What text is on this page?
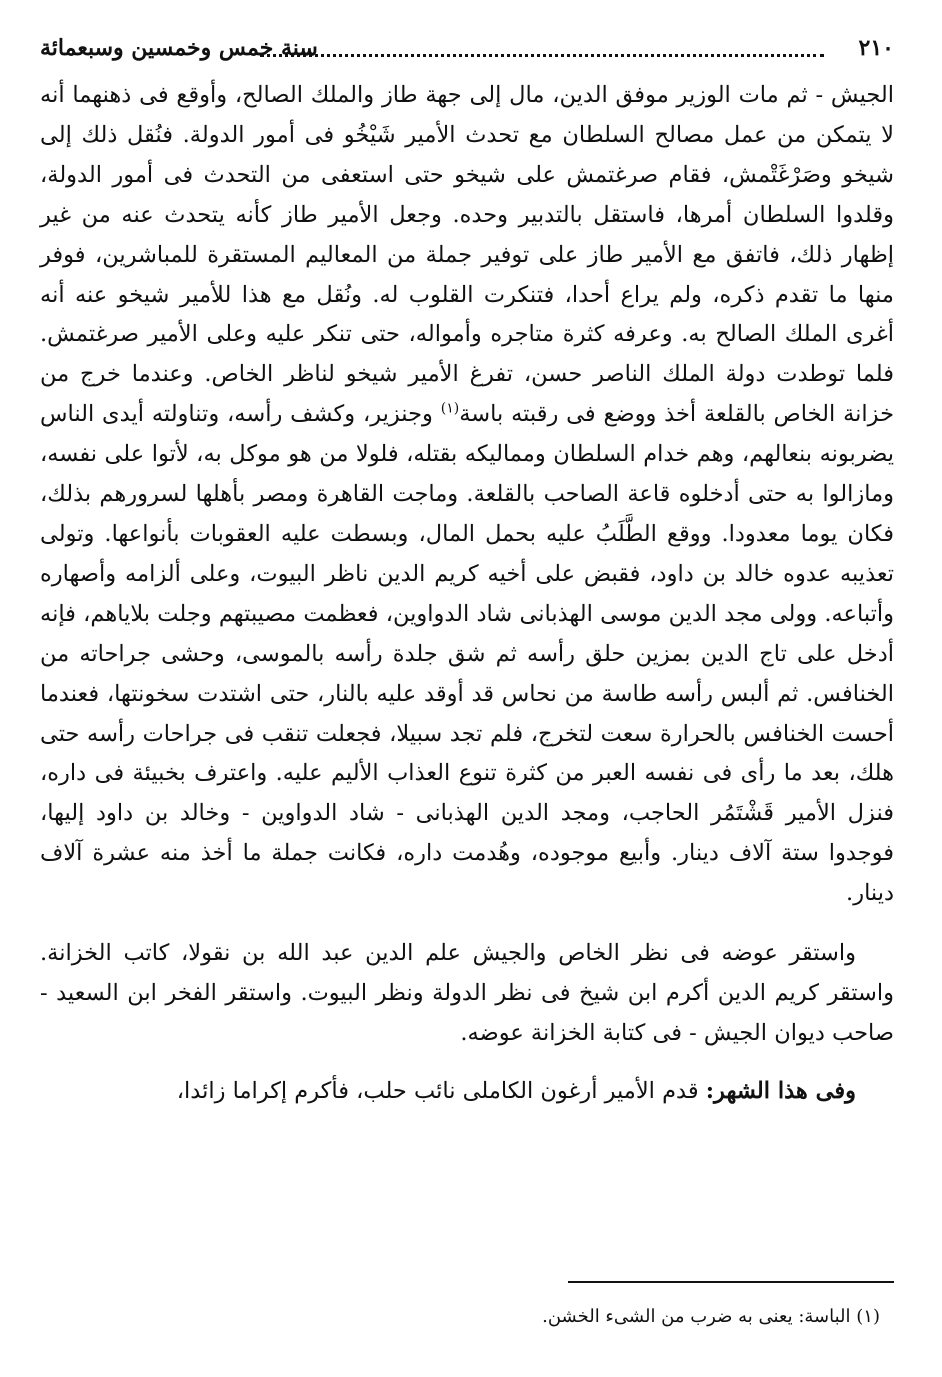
٢١٠
سنة خمس وخمسين وسبعمائة

الجيش - ثم مات الوزير موفق الدين، مال إلى جهة طاز والملك الصالح، وأوقع فى ذهنهما أنه لا يتمكن من عمل مصالح السلطان مع تحدث الأمير شَيْخُو فى أمور الدولة. فنُقل ذلك إلى شيخو وصَرْغَتْمش، فقام صرغتمش على شيخو حتى استعفى من التحدث فى أمور الدولة، وقلدوا السلطان أمرها، فاستقل بالتدبير وحده. وجعل الأمير طاز كأنه يتحدث عنه من غير إظهار ذلك، فاتفق مع الأمير طاز على توفير جملة من المعاليم المستقرة للمباشرين، فوفر منها ما تقدم ذكره، ولم يراع أحدا، فتنكرت القلوب له. ونُقل مع هذا للأمير شيخو عنه أنه أغرى الملك الصالح به. وعرفه كثرة متاجره وأمواله، حتى تنكر عليه وعلى الأمير صرغتمش. فلما توطدت دولة الملك الناصر حسن، تفرغ الأمير شيخو لناظر الخاص. وعندما خرج من خزانة الخاص بالقلعة أخذ ووضع فى رقبته باسة$^{(١)}$ وجنزير، وكشف رأسه، وتناولته أيدى الناس يضربونه بنعالهم، وهم خدام السلطان ومماليكه بقتله، فلولا من هو موكل به، لأتوا على نفسه، ومازالوا به حتى أدخلوه قاعة الصاحب بالقلعة. وماجت القاهرة ومصر بأهلها لسرورهم بذلك، فكان يوما معدودا. ووقع الطَّلَبُ عليه بحمل المال، وبسطت عليه العقوبات بأنواعها. وتولى تعذيبه عدوه خالد بن داود، فقبض على أخيه كريم الدين ناظر البيوت، وعلى ألزامه وأصهاره وأتباعه. وولى مجد الدين موسى الهذبانى شاد الدواوين، فعظمت مصيبتهم وجلت بلاياهم، فإنه أدخل على تاج الدين بمزين حلق رأسه ثم شق جلدة رأسه بالموسى، وحشى جراحاته من الخنافس. ثم ألبس رأسه طاسة من نحاس قد أوقد عليه بالنار، حتى اشتدت سخونتها، فعندما أحست الخنافس بالحرارة سعت لتخرج، فلم تجد سبيلا، فجعلت تنقب فى جراحات رأسه حتى هلك، بعد ما رأى فى نفسه العبر من كثرة تنوع العذاب الأليم عليه. واعترف بخبيئة فى داره، فنزل الأمير قَشْتَمُر الحاجب، ومجد الدين الهذبانى - شاد الدواوين - وخالد بن داود إليها، فوجدوا ستة آلاف دينار. وأبيع موجوده، وهُدمت داره، فكانت جملة ما أخذ منه عشرة آلاف دينار.

واستقر عوضه فى نظر الخاص والجيش علم الدين عبد الله بن نقولا، كاتب الخزانة. واستقر كريم الدين أكرم ابن شيخ فى نظر الدولة ونظر البيوت. واستقر الفخر ابن السعيد - صاحب ديوان الجيش - فى كتابة الخزانة عوضه.

وفى هذا الشهر: قدم الأمير أرغون الكاملى نائب حلب، فأكرم إكراما زائدا،

(١) الباسة: يعنى به ضرب من الشىء الخشن.
